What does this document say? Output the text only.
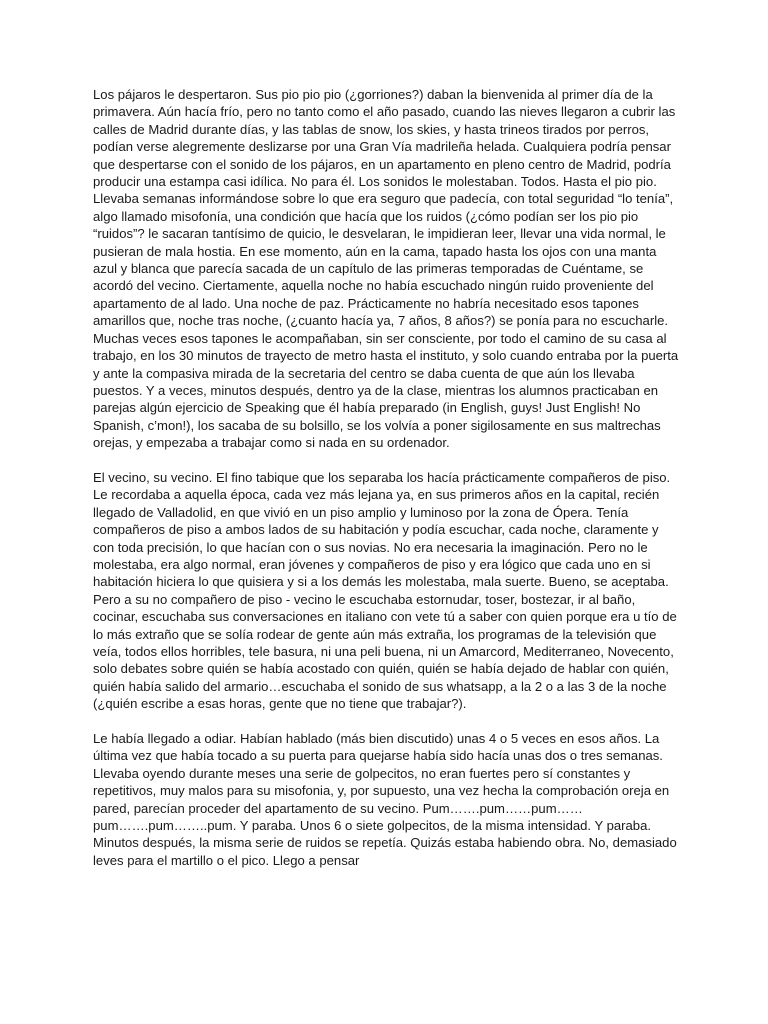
Los pájaros le despertaron. Sus pio pio pio (¿gorriones?) daban la bienvenida al primer día de la primavera. Aún hacía frío, pero no tanto como el año pasado, cuando las nieves llegaron a cubrir las calles de Madrid durante días, y las tablas de snow, los skies, y hasta trineos tirados por perros, podían verse alegremente deslizarse por una Gran Vía madrileña helada. Cualquiera podría pensar que despertarse con el sonido de los pájaros, en un apartamento en pleno centro de Madrid, podría producir una estampa casi idílica. No para él. Los sonidos le molestaban. Todos. Hasta el pio pio. Llevaba semanas informándose sobre lo que era seguro que padecía, con total seguridad “lo tenía”, algo llamado misofonía, una condición que hacía que los ruidos (¿cómo podían ser los pio pio “ruidos”? le sacaran tantísimo de quicio, le desvelaran, le impidieran leer, llevar una vida normal, le pusieran de mala hostia. En ese momento, aún en la cama, tapado hasta los ojos con una manta azul y blanca que parecía sacada de un capítulo de las primeras temporadas de Cuéntame, se acordó del vecino. Ciertamente, aquella noche no había escuchado ningún ruido proveniente del apartamento de al lado. Una noche de paz. Prácticamente no habría necesitado esos tapones amarillos que, noche tras noche, (¿cuanto hacía ya, 7 años, 8 años?) se ponía para no escucharle. Muchas veces esos tapones le acompañaban, sin ser consciente, por todo el camino de su casa al trabajo, en los 30 minutos de trayecto de metro hasta el instituto, y solo cuando entraba por la puerta y ante la compasiva mirada de la secretaria del centro se daba cuenta de que aún los llevaba puestos. Y a veces, minutos después, dentro ya de la clase, mientras los alumnos practicaban en parejas algún ejercicio de Speaking que él había preparado (in English, guys! Just English! No Spanish, c’mon!), los sacaba de su bolsillo, se los volvía a poner sigilosamente en sus maltrechas orejas, y empezaba a trabajar como si nada en su ordenador.

El vecino, su vecino. El fino tabique que los separaba los hacía prácticamente compañeros de piso. Le recordaba a aquella época, cada vez más lejana ya, en sus primeros años en la capital, recién llegado de Valladolid, en que vivió en un piso amplio y luminoso por la zona de Ópera. Tenía compañeros de piso a ambos lados de su habitación y podía escuchar, cada noche, claramente y con toda precisión, lo que hacían con o sus novias. No era necesaria la imaginación. Pero no le molestaba, era algo normal, eran jóvenes y compañeros de piso y era lógico que cada uno en si habitación hiciera lo que quisiera y si a los demás les molestaba, mala suerte. Bueno, se aceptaba. Pero a su no compañero de piso - vecino le escuchaba estornudar, toser, bostezar, ir al baño, cocinar, escuchaba sus conversaciones en italiano con vete tú a saber con quien porque era u tío de lo más extraño que se solía rodear de gente aún más extraña, los programas de la televisión que veía, todos ellos horribles, tele basura, ni una peli buena, ni un Amarcord, Mediterraneo, Novecento, solo debates sobre quién se había acostado con quién, quién se había dejado de hablar con quién, quién había salido del armario…escuchaba el sonido de sus whatsapp, a la 2 o a las 3 de la noche (¿quién escribe a esas horas, gente que no tiene que trabajar?).

Le había llegado a odiar. Habían hablado (más bien discutido) unas 4 o 5 veces en esos años. La última vez que había tocado a su puerta para quejarse había sido hacía unas dos o tres semanas. Llevaba oyendo durante meses una serie de golpecitos, no eran fuertes pero sí constantes y repetitivos, muy malos para su misofonia, y, por supuesto, una vez hecha la comprobación oreja en pared, parecían proceder del apartamento de su vecino. Pum…….pum……pum……pum…….pum……..pum. Y paraba. Unos 6 o siete golpecitos, de la misma intensidad. Y paraba. Minutos después, la misma serie de ruidos se repetía. Quizás estaba habiendo obra. No, demasiado leves para el martillo o el pico. Llego a pensar
